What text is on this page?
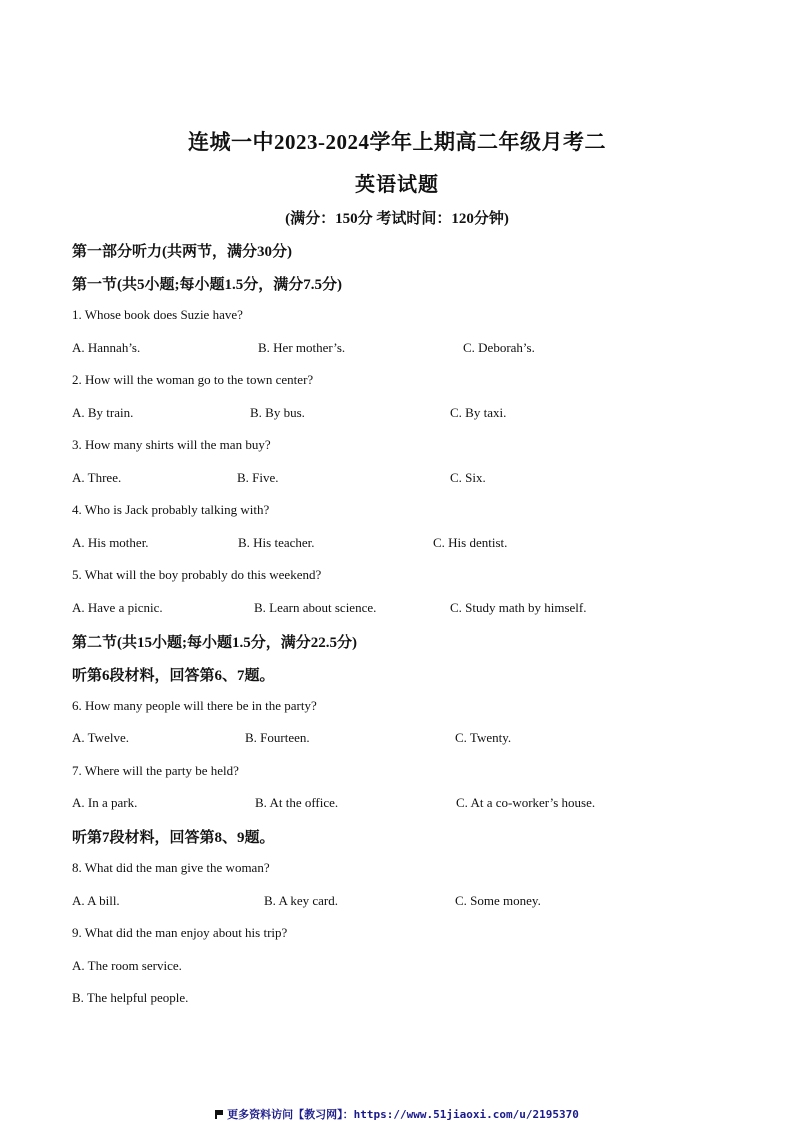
连城一中2023-2024学年上期高二年级月考二
英语试题
(满分：150分 考试时间：120分钟)
第一部分听力(共两节，满分30分)
第一节(共5小题;每小题1.5分，满分7.5分)
1. Whose book does Suzie have?
A. Hannah’s.	B. Her mother’s.	C. Deborah’s.
2. How will the woman go to the town center?
A. By train.	B. By bus.	C. By taxi.
3. How many shirts will the man buy?
A. Three.	B. Five.	C. Six.
4. Who is Jack probably talking with?
A. His mother.	B. His teacher.	C. His dentist.
5. What will the boy probably do this weekend?
A. Have a picnic.	B. Learn about science.	C. Study math by himself.
第二节(共15小题;每小题1.5分，满分22.5分)
听第6段材料，回答第6、7题。
6. How many people will there be in the party?
A. Twelve.	B. Fourteen.	C. Twenty.
7. Where will the party be held?
A. In a park.	B. At the office.	C. At a co-worker’s house.
听第7段材料，回答第8、9题。
8. What did the man give the woman?
A. A bill.	B. A key card.	C. Some money.
9. What did the man enjoy about his trip?
A. The room service.
B. The helpful people.
更多资料访问【教习网】：https://www.51jiaoxi.com/u/2195370
